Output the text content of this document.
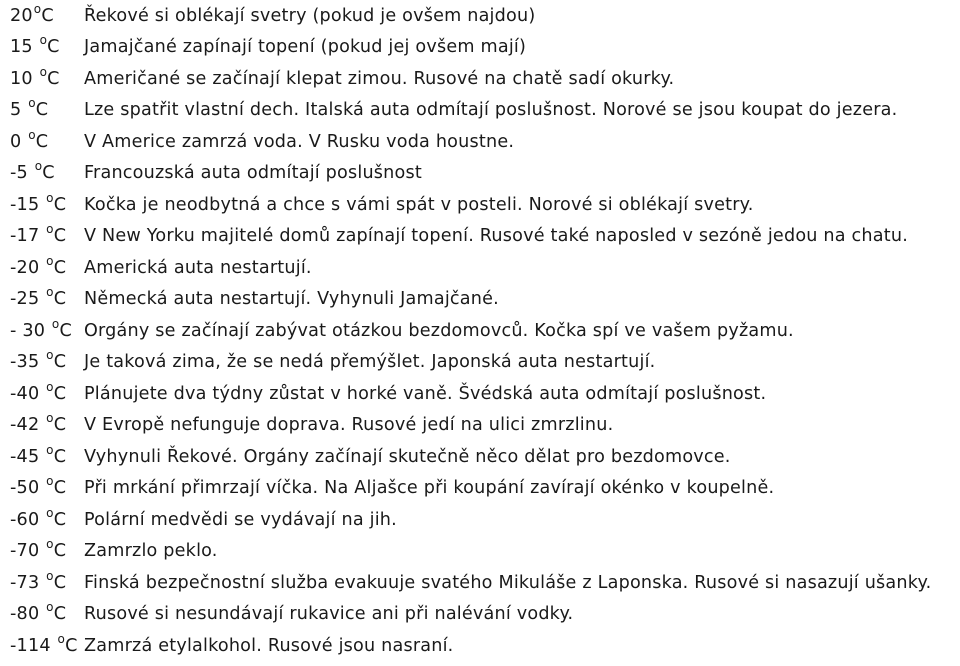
20$^o$C	Řekové si oblékají svetry (pokud je ovšem najdou)
15 $^o$C	Jamajčané zapínají topení (pokud jej ovšem mají)
10 $^o$C	Američané se začínají klepat zimou. Rusové na chatě sadí okurky.
5 $^o$C	Lze spatřit vlastní dech. Italská auta odmítají poslušnost. Norové se jsou koupat do jezera.
0 $^o$C	V Americe zamrzá voda. V Rusku voda houstne.
-5 $^o$C	Francouzská auta odmítají poslušnost
-15 $^o$C	Kočka je neodbytná a chce s vámi spát v posteli. Norové si oblékají svetry.
-17 $^o$C	V New Yorku majitelé domů zapínají topení. Rusové také naposled v sezóně jedou na chatu.
-20 $^o$C	Americká auta nestartují.
-25 $^o$C	Německá auta nestartují. Vyhynuli Jamajčané.
- 30 $^o$C Orgány se začínají zabývat otázkou bezdomovců. Kočka spí ve vašem pyžamu.
-35 $^o$C	Je taková zima, že se nedá přemýšlet. Japonská auta nestartují.
-40 $^o$C	Plánujete dva týdny zůstat v horké vaně. Švédská auta odmítají poslušnost.
-42 $^o$C	V Evropě nefunguje doprava. Rusové jedí na ulici zmrzlinu.
-45 $^o$C	Vyhynuli Řekové. Orgány začínají skutečně něco dělat pro bezdomovce.
-50 $^o$C	Při mrkání přimrzají víčka. Na Aljašce při koupání zavírají okénko v koupelně.
-60 $^o$C	Polární medvědi se vydávají na jih.
-70 $^o$C	Zamrzlo peklo.
-73 $^o$C	Finská bezpečnostní služba evakuuje svatého Mikuláše z Laponska. Rusové si nasazují ušanky.
-80 $^o$C	Rusové si nesundávají rukavice ani při nalévání vodky.
-114 $^o$C Zamrzá etylalkohol. Rusové jsou nasraní.
